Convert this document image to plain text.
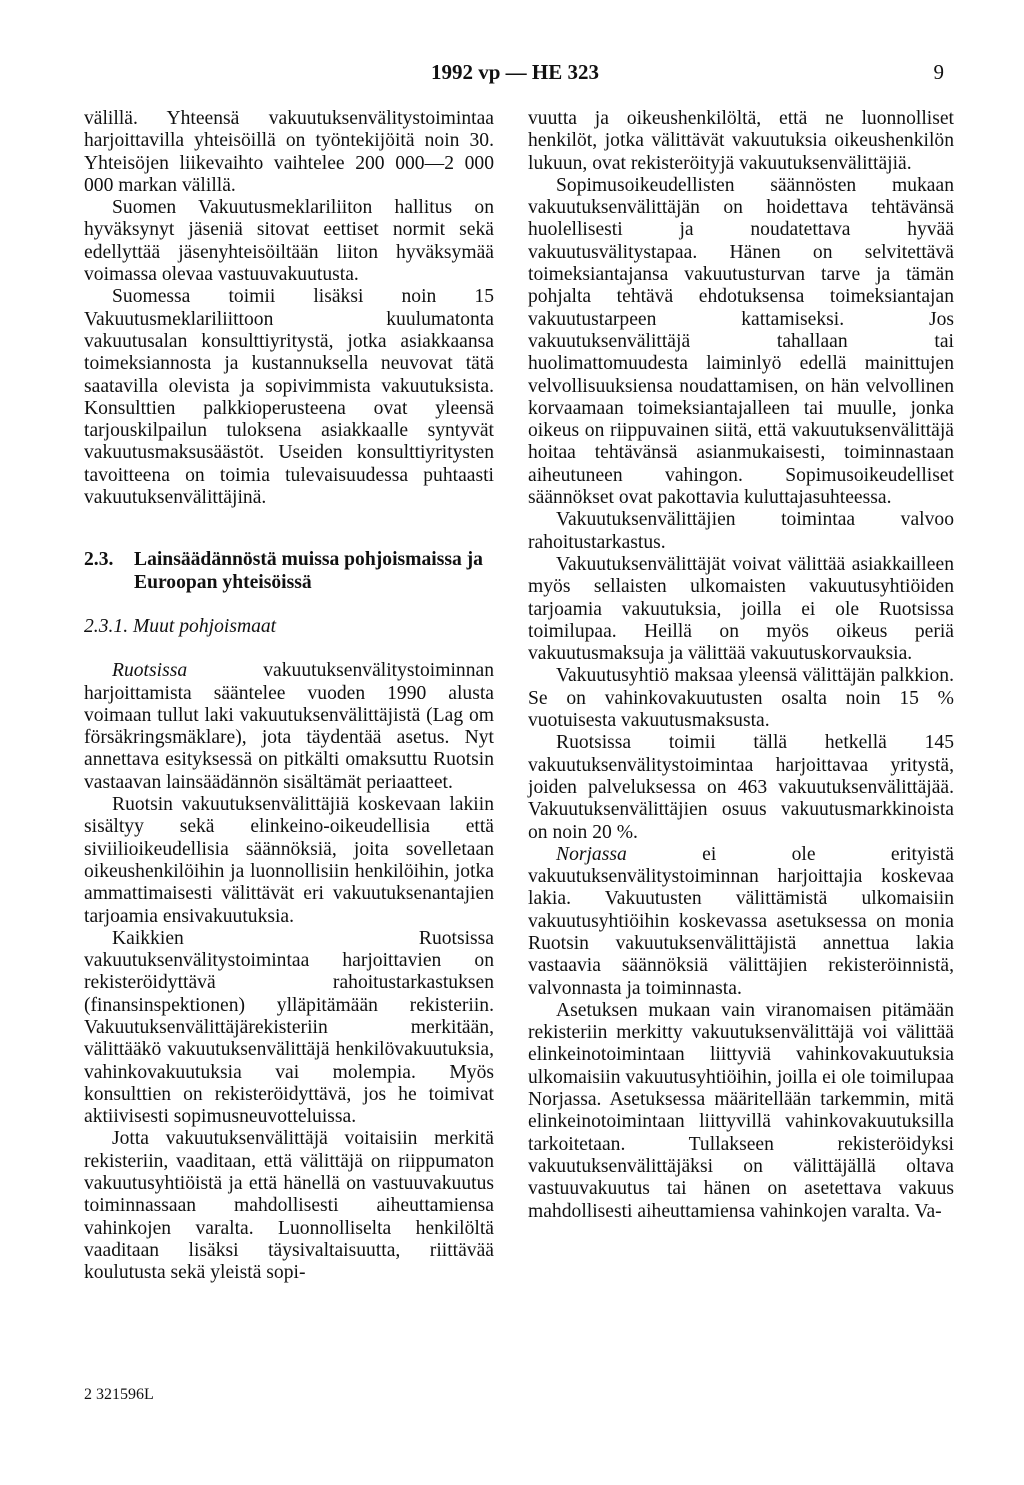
1992 vp — HE 323	9

välillä. Yhteensä vakuutuksenvälitystoimintaa harjoittavilla yhteisöillä on työntekijöitä noin 30. Yhteisöjen liikevaihto vaihtelee 200 000—2 000 000 markan välillä.

Suomen Vakuutusmeklariliiton hallitus on hyväksynyt jäseniä sitovat eettiset normit sekä edellyttää jäsenyhteisöiltään liiton hyväksymää voimassa olevaa vastuuvakuutusta.

Suomessa toimii lisäksi noin 15 Vakuutusmeklariliittoon kuulumatonta vakuutusalan konsulttiyritystä, jotka asiakkaansa toimeksiannosta ja kustannuksella neuvovat tätä saatavilla olevista ja sopivimmista vakuutuksista. Konsulttien palkkioperusteena ovat yleensä tarjouskilpailun tuloksena asiakkaalle syntyvät vakuutusmaksusäästöt. Useiden konsulttiyritysten tavoitteena on toimia tulevaisuudessa puhtaasti vakuutuksenvälittäjinä.

2.3.	Lainsäädännöstä muissa pohjoismaissa ja Euroopan yhteisöissä
2.3.1. Muut pohjoismaat

Ruotsissa vakuutuksenvälitystoiminnan harjoittamista sääntelee vuoden 1990 alusta voimaan tullut laki vakuutuksenvälittäjistä (Lag om försäkringsmäklare), jota täydentää asetus. Nyt annettava esityksessä on pitkälti omaksuttu Ruotsin vastaavan lainsäädännön sisältämät periaatteet.

Ruotsin vakuutuksenvälittäjiä koskevaan lakiin sisältyy sekä elinkeino-oikeudellisia että siviilioikeudellisia säännöksiä, joita sovelletaan oikeushenkilöihin ja luonnollisiin henkilöihin, jotka ammattimaisesti välittävät eri vakuutuksenantajien tarjoamia ensivakuutuksia.

Kaikkien Ruotsissa vakuutuksenvälitystoimintaa harjoittavien on rekisteröidyttävä rahoitustarkastuksen (finansinspektionen) ylläpitämään rekisteriin. Vakuutuksenvälittäjärekisteriin merkitään, välittääkö vakuutuksenvälittäjä henkilövakuutuksia, vahinkovakuutuksia vai molempia. Myös konsulttien on rekisteröidyttävä, jos he toimivat aktiivisesti sopimusneuvotteluissa.

Jotta vakuutuksenvälittäjä voitaisiin merkitä rekisteriin, vaaditaan, että välittäjä on riippumaton vakuutusyhtiöistä ja että hänellä on vastuuvakuutus toiminnassaan mahdollisesti aiheuttamiensa vahinkojen varalta. Luonnolliselta henkilöltä vaaditaan lisäksi täysivaltaisuutta, riittävää koulutusta sekä yleistä sopi-

vuutta ja oikeushenkilöltä, että ne luonnolliset henkilöt, jotka välittävät vakuutuksia oikeushenkilön lukuun, ovat rekisteröityjä vakuutuksenvälittäjiä.

Sopimusoikeudellisten säännösten mukaan vakuutuksenvälittäjän on hoidettava tehtävänsä huolellisesti ja noudatettava hyvää vakuutusvälitystapaa. Hänen on selvitettävä toimeksiantajansa vakuutusturvan tarve ja tämän pohjalta tehtävä ehdotuksensa toimeksiantajan vakuutustarpeen kattamiseksi. Jos vakuutuksenvälittäjä tahallaan tai huolimattomuudesta laiminlyö edellä mainittujen velvollisuuksiensa noudattamisen, on hän velvollinen korvaamaan toimeksiantajalleen tai muulle, jonka oikeus on riippuvainen siitä, että vakuutuksenvälittäjä hoitaa tehtävänsä asianmukaisesti, toiminnastaan aiheutuneen vahingon. Sopimusoikeudelliset säännökset ovat pakottavia kuluttajasuhteessa.

Vakuutuksenvälittäjien toimintaa valvoo rahoitustarkastus.

Vakuutuksenvälittäjät voivat välittää asiakkailleen myös sellaisten ulkomaisten vakuutusyhtiöiden tarjoamia vakuutuksia, joilla ei ole Ruotsissa toimilupaa. Heillä on myös oikeus periä vakuutusmaksuja ja välittää vakuutuskorvauksia.

Vakuutusyhtiö maksaa yleensä välittäjän palkkion. Se on vahinkovakuutusten osalta noin 15 % vuotuisesta vakuutusmaksusta.

Ruotsissa toimii tällä hetkellä 145 vakuutuksenvälitystoimintaa harjoittavaa yritystä, joiden palveluksessa on 463 vakuutuksenvälittäjää. Vakuutuksenvälittäjien osuus vakuutusmarkkinoista on noin 20 %.

Norjassa ei ole erityistä vakuutuksenvälitystoiminnan harjoittajia koskevaa lakia. Vakuutusten välittämistä ulkomaisiin vakuutusyhtiöihin koskevassa asetuksessa on monia Ruotsin vakuutuksenvälittäjistä annettua lakia vastaavia säännöksiä välittäjien rekisteröinnistä, valvonnasta ja toiminnasta.

Asetuksen mukaan vain viranomaisen pitämään rekisteriin merkitty vakuutuksenvälittäjä voi välittää elinkeinotoimintaan liittyviä vahinkovakuutuksia ulkomaisiin vakuutusyhtiöihin, joilla ei ole toimilupaa Norjassa. Asetuksessa määritellään tarkemmin, mitä elinkeinotoimintaan liittyvillä vahinkovakuutuksilla tarkoitetaan. Tullakseen rekisteröidyksi vakuutuksenvälittäjäksi on välittäjällä oltava vastuuvakuutus tai hänen on asetettava vakuus mahdollisesti aiheuttamiensa vahinkojen varalta. Va-

2 321596L
